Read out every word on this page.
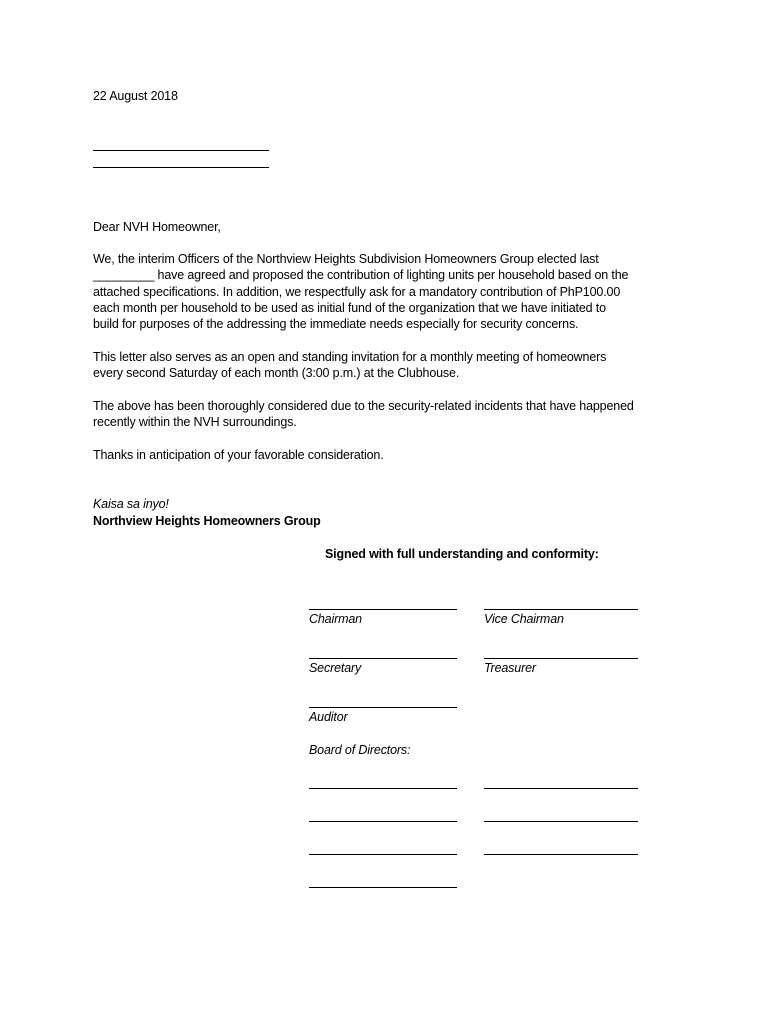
22 August 2018
Dear NVH Homeowner,
We, the interim Officers of the Northview Heights Subdivision Homeowners Group elected last
_________ have agreed and proposed the contribution of lighting units per household based on the
attached specifications. In addition, we respectfully ask for a mandatory contribution of PhP100.00
each month per household to be used as initial fund of the organization that we have initiated to
build for purposes of the addressing the immediate needs especially for security concerns.
This letter also serves as an open and standing invitation for a monthly meeting of homeowners
every second Saturday of each month (3:00 p.m.) at the Clubhouse.
The above has been thoroughly considered due to the security-related incidents that have happened
recently within the NVH surroundings.
Thanks in anticipation of your favorable consideration.
Kaisa sa inyo!
Northview Heights Homeowners Group
Signed with full understanding and conformity:
Chairman	Vice Chairman
Secretary	Treasurer
Auditor
Board of Directors:
